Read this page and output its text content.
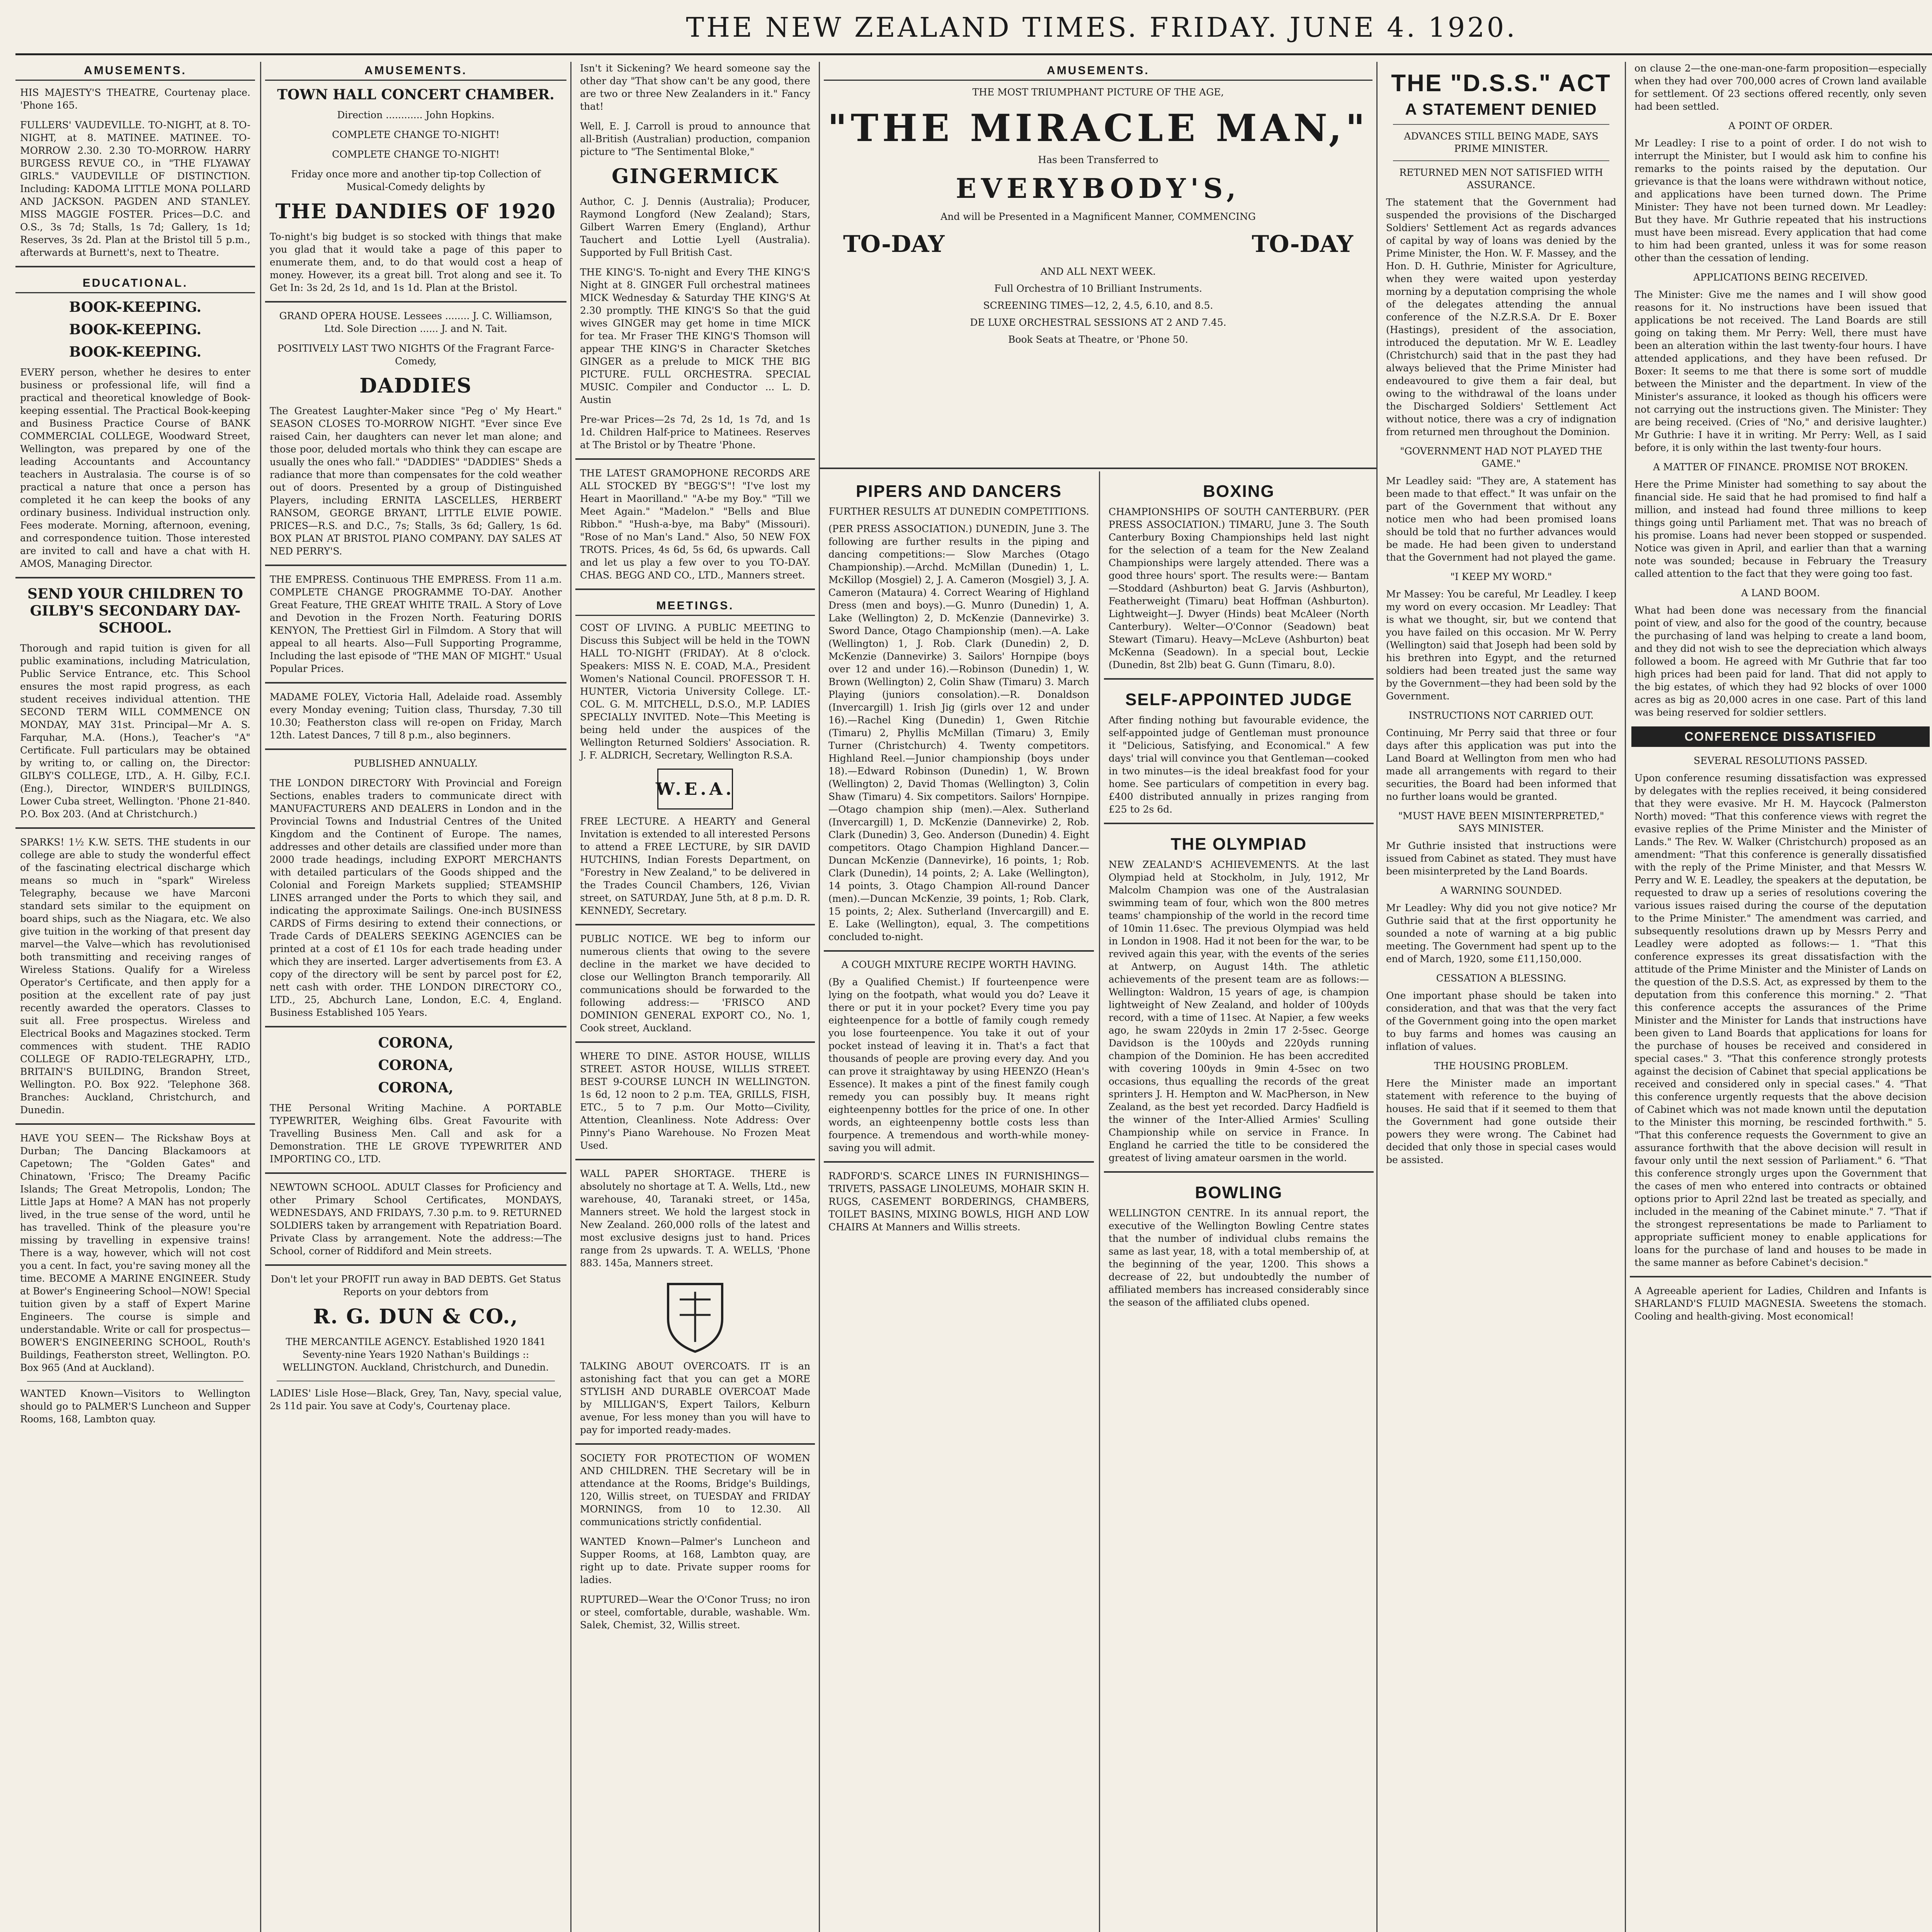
THE NEW ZEALAND TIMES. FRIDAY. JUNE 4. 1920.
AMUSEMENTS.
HIS MAJESTY'S THEATRE, Courtenay place. 'Phone 165.
FULLERS' VAUDEVILLE. TO-NIGHT, at 8. TO-NIGHT, at 8. MATINEE. MATINEE. TO-MORROW 2.30. 2.30 TO-MORROW. HARRY BURGESS REVUE CO., in "THE FLYAWAY GIRLS." VAUDEVILLE OF DISTINCTION. Including: KADOMA LITTLE MONA POLLARD AND JACKSON. PAGDEN AND STANLEY. MISS MAGGIE FOSTER. Prices—D.C. and O.S., 3s 7d; Stalls, 1s 7d; Gallery, 1s 1d; Reserves, 3s 2d. Plan at the Bristol till 5 p.m., afterwards at Burnett's, next to Theatre.
EDUCATIONAL.
BOOK-KEEPING.
BOOK-KEEPING.
BOOK-KEEPING.
EVERY person, whether he desires to enter business or professional life, will find a practical and theoretical knowledge of Book-keeping essential. The Practical Book-keeping and Business Practice Course of BANK COMMERCIAL COLLEGE, Woodward Street, Wellington, was prepared by one of the leading Accountants and Accountancy teachers in Australasia. The course is of so practical a nature that once a person has completed it he can keep the books of any ordinary business. Individual instruction only. Fees moderate. Morning, afternoon, evening, and correspondence tuition. Those interested are invited to call and have a chat with H. AMOS, Managing Director.
SEND YOUR CHILDREN TO GILBY'S SECONDARY DAY-SCHOOL.
Thorough and rapid tuition is given for all public examinations, including Matriculation, Public Service Entrance, etc. This School ensures the most rapid progress, as each student receives individual attention. THE SECOND TERM WILL COMMENCE ON MONDAY, MAY 31st. Principal—Mr A. S. Farquhar, M.A. (Hons.), Teacher's "A" Certificate. Full particulars may be obtained by writing to, or calling on, the Director: GILBY'S COLLEGE, LTD., A. H. Gilby, F.C.I. (Eng.), Director, WINDER'S BUILDINGS, Lower Cuba street, Wellington. 'Phone 21-840. P.O. Box 203. (And at Christchurch.)
SPARKS! 1½ K.W. SETS. THE students in our college are able to study the wonderful effect of the fascinating electrical discharge which means so much in "spark" Wireless Telegraphy, because we have Marconi standard sets similar to the equipment on board ships, such as the Niagara, etc. We also give tuition in the working of that present day marvel—the Valve—which has revolutionised both transmitting and receiving ranges of Wireless Stations. Qualify for a Wireless Operator's Certificate, and then apply for a position at the excellent rate of pay just recently awarded the operators. Classes to suit all. Free prospectus. Wireless and Electrical Books and Magazines stocked. Term commences with student. THE RADIO COLLEGE OF RADIO-TELEGRAPHY, LTD., BRITAIN'S BUILDING, Brandon Street, Wellington. P.O. Box 922. 'Telephone 368. Branches: Auckland, Christchurch, and Dunedin.
HAVE YOU SEEN— The Rickshaw Boys at Durban; The Dancing Blackamoors at Capetown; The "Golden Gates" and Chinatown, 'Frisco; The Dreamy Pacific Islands; The Great Metropolis, London; The Little Japs at Home? A MAN has not properly lived, in the true sense of the word, until he has travelled. Think of the pleasure you're missing by travelling in expensive trains! There is a way, however, which will not cost you a cent. In fact, you're saving money all the time. BECOME A MARINE ENGINEER. Study at Bower's Engineering School—NOW! Special tuition given by a staff of Expert Marine Engineers. The course is simple and understandable. Write or call for prospectus—BOWER'S ENGINEERING SCHOOL, Routh's Buildings, Featherston street, Wellington. P.O. Box 965 (And at Auckland).
WANTED Known—Visitors to Wellington should go to PALMER'S Luncheon and Supper Rooms, 168, Lambton quay.
AMUSEMENTS.
TOWN HALL CONCERT CHAMBER.
Direction ............ John Hopkins.
COMPLETE CHANGE TO-NIGHT!
COMPLETE CHANGE TO-NIGHT!
Friday once more and another tip-top Collection of Musical-Comedy delights by
THE DANDIES OF 1920
To-night's big budget is so stocked with things that make you glad that it would take a page of this paper to enumerate them, and, to do that would cost a heap of money. However, its a great bill. Trot along and see it. To Get In: 3s 2d, 2s 1d, and 1s 1d. Plan at the Bristol.
GRAND OPERA HOUSE. Lessees ........ J. C. Williamson, Ltd. Sole Direction ...... J. and N. Tait.
POSITIVELY LAST TWO NIGHTS Of the Fragrant Farce-Comedy,
DADDIES
The Greatest Laughter-Maker since "Peg o' My Heart." SEASON CLOSES TO-MORROW NIGHT. "Ever since Eve raised Cain, her daughters can never let man alone; and those poor, deluded mortals who think they can escape are usually the ones who fall." "DADDIES" "DADDIES" Sheds a radiance that more than compensates for the cold weather out of doors. Presented by a group of Distinguished Players, including ERNITA LASCELLES, HERBERT RANSOM, GEORGE BRYANT, LITTLE ELVIE POWIE. PRICES—R.S. and D.C., 7s; Stalls, 3s 6d; Gallery, 1s 6d. BOX PLAN AT BRISTOL PIANO COMPANY. DAY SALES AT NED PERRY'S.
THE EMPRESS. Continuous THE EMPRESS. From 11 a.m. COMPLETE CHANGE PROGRAMME TO-DAY. Another Great Feature, THE GREAT WHITE TRAIL. A Story of Love and Devotion in the Frozen North. Featuring DORIS KENYON, The Prettiest Girl in Filmdom. A Story that will appeal to all hearts. Also—Full Supporting Programme, Including the last episode of "THE MAN OF MIGHT." Usual Popular Prices.
MADAME FOLEY, Victoria Hall, Adelaide road. Assembly every Monday evening; Tuition class, Thursday, 7.30 till 10.30; Featherston class will re-open on Friday, March 12th. Latest Dances, 7 till 8 p.m., also beginners.
PUBLISHED ANNUALLY.
THE LONDON DIRECTORY With Provincial and Foreign Sections, enables traders to communicate direct with MANUFACTURERS AND DEALERS in London and in the Provincial Towns and Industrial Centres of the United Kingdom and the Continent of Europe. The names, addresses and other details are classified under more than 2000 trade headings, including EXPORT MERCHANTS with detailed particulars of the Goods shipped and the Colonial and Foreign Markets supplied; STEAMSHIP LINES arranged under the Ports to which they sail, and indicating the approximate Sailings. One-inch BUSINESS CARDS of Firms desiring to extend their connections, or Trade Cards of DEALERS SEEKING AGENCIES can be printed at a cost of £1 10s for each trade heading under which they are inserted. Larger advertisements from £3. A copy of the directory will be sent by parcel post for £2, nett cash with order. THE LONDON DIRECTORY CO., LTD., 25, Abchurch Lane, London, E.C. 4, England. Business Established 105 Years.
CORONA,
CORONA,
CORONA,
THE Personal Writing Machine. A PORTABLE TYPEWRITER, Weighing 6lbs. Great Favourite with Travelling Business Men. Call and ask for a Demonstration. THE LE GROVE TYPEWRITER AND IMPORTING CO., LTD.
NEWTOWN SCHOOL. ADULT Classes for Proficiency and other Primary School Certificates, MONDAYS, WEDNESDAYS, AND FRIDAYS, 7.30 p.m. to 9. RETURNED SOLDIERS taken by arrangement with Repatriation Board. Private Class by arrangement. Note the address:—The School, corner of Riddiford and Mein streets.
Don't let your PROFIT run away in BAD DEBTS. Get Status Reports on your debtors from
R. G. DUN & CO.,
THE MERCANTILE AGENCY. Established 1920 1841 Seventy-nine Years 1920 Nathan's Buildings :: WELLINGTON. Auckland, Christchurch, and Dunedin.
LADIES' Lisle Hose—Black, Grey, Tan, Navy, special value, 2s 11d pair. You save at Cody's, Courtenay place.
Isn't it Sickening? We heard someone say the other day "That show can't be any good, there are two or three New Zealanders in it." Fancy that!
Well, E. J. Carroll is proud to announce that all-British (Australian) production, companion picture to "The Sentimental Bloke,"
GINGERMICK
Author, C. J. Dennis (Australia); Producer, Raymond Longford (New Zealand); Stars, Gilbert Warren Emery (England), Arthur Tauchert and Lottie Lyell (Australia). Supported by Full British Cast.
THE KING'S. To-night and Every THE KING'S Night at 8. GINGER Full orchestral matinees MICK Wednesday & Saturday THE KING'S At 2.30 promptly. THE KING'S So that the guid wives GINGER may get home in time MICK for tea. Mr Fraser THE KING'S Thomson will appear THE KING'S in Character Sketches GINGER as a prelude to MICK THE BIG PICTURE. FULL ORCHESTRA. SPECIAL MUSIC. Compiler and Conductor ... L. D. Austin
Pre-war Prices—2s 7d, 2s 1d, 1s 7d, and 1s 1d. Children Half-price to Matinees. Reserves at The Bristol or by Theatre 'Phone.
THE LATEST GRAMOPHONE RECORDS ARE ALL STOCKED BY "BEGG'S"! "I've lost my Heart in Maorilland." "A-be my Boy." "Till we Meet Again." "Madelon." "Bells and Blue Ribbon." "Hush-a-bye, ma Baby" (Missouri). "Rose of no Man's Land." Also, 50 NEW FOX TROTS. Prices, 4s 6d, 5s 6d, 6s upwards. Call and let us play a few over to you TO-DAY. CHAS. BEGG AND CO., LTD., Manners street.
MEETINGS.
COST OF LIVING. A PUBLIC MEETING to Discuss this Subject will be held in the TOWN HALL TO-NIGHT (FRIDAY). At 8 o'clock. Speakers: MISS N. E. COAD, M.A., President Women's National Council. PROFESSOR T. H. HUNTER, Victoria University College. LT.-COL. G. M. MITCHELL, D.S.O., M.P. LADIES SPECIALLY INVITED. Note—This Meeting is being held under the auspices of the Wellington Returned Soldiers' Association. R. J. F. ALDRICH, Secretary, Wellington R.S.A.
W.E.A.
FREE LECTURE. A HEARTY and General Invitation is extended to all interested Persons to attend a FREE LECTURE, by SIR DAVID HUTCHINS, Indian Forests Department, on "Forestry in New Zealand," to be delivered in the Trades Council Chambers, 126, Vivian street, on SATURDAY, June 5th, at 8 p.m. D. R. KENNEDY, Secretary.
PUBLIC NOTICE. WE beg to inform our numerous clients that owing to the severe decline in the market we have decided to close our Wellington Branch temporarily. All communications should be forwarded to the following address:— 'FRISCO AND DOMINION GENERAL EXPORT CO., No. 1, Cook street, Auckland.
WHERE TO DINE. ASTOR HOUSE, WILLIS STREET. ASTOR HOUSE, WILLIS STREET. BEST 9-COURSE LUNCH IN WELLINGTON. 1s 6d, 12 noon to 2 p.m. TEA, GRILLS, FISH, ETC., 5 to 7 p.m. Our Motto—Civility, Attention, Cleanliness. Note Address: Over Pinny's Piano Warehouse. No Frozen Meat Used.
WALL PAPER SHORTAGE. THERE is absolutely no shortage at T. A. Wells, Ltd., new warehouse, 40, Taranaki street, or 145a, Manners street. We hold the largest stock in New Zealand. 260,000 rolls of the latest and most exclusive designs just to hand. Prices range from 2s upwards. T. A. WELLS, 'Phone 883. 145a, Manners street.
TALKING ABOUT OVERCOATS. IT is an astonishing fact that you can get a MORE STYLISH AND DURABLE OVERCOAT Made by MILLIGAN'S, Expert Tailors, Kelburn avenue, For less money than you will have to pay for imported ready-mades.
SOCIETY FOR PROTECTION OF WOMEN AND CHILDREN. THE Secretary will be in attendance at the Rooms, Bridge's Buildings, 120, Willis street, on TUESDAY and FRIDAY MORNINGS, from 10 to 12.30. All communications strictly confidential.
WANTED Known—Palmer's Luncheon and Supper Rooms, at 168, Lambton quay, are right up to date. Private supper rooms for ladies.
RUPTURED—Wear the O'Conor Truss; no iron or steel, comfortable, durable, washable. Wm. Salek, Chemist, 32, Willis street.
AMUSEMENTS.
THE MOST TRIUMPHANT PICTURE OF THE AGE,
"THE MIRACLE MAN,"
Has been Transferred to
EVERYBODY'S,
And will be Presented in a Magnificent Manner, COMMENCING
TO-DAY	TO-DAY
AND ALL NEXT WEEK.
Full Orchestra of 10 Brilliant Instruments.
SCREENING TIMES—12, 2, 4.5, 6.10, and 8.5.
DE LUXE ORCHESTRAL SESSIONS AT 2 AND 7.45.
Book Seats at Theatre, or 'Phone 50.
PIPERS AND DANCERS
FURTHER RESULTS AT DUNEDIN COMPETITIONS.
(PER PRESS ASSOCIATION.) DUNEDIN, June 3. The following are further results in the piping and dancing competitions:— Slow Marches (Otago Championship).—Archd. McMillan (Dunedin) 1, L. McKillop (Mosgiel) 2, J. A. Cameron (Mosgiel) 3, J. A. Cameron (Mataura) 4. Correct Wearing of Highland Dress (men and boys).—G. Munro (Dunedin) 1, A. Lake (Wellington) 2, D. McKenzie (Dannevirke) 3. Sword Dance, Otago Championship (men).—A. Lake (Wellington) 1, J. Rob. Clark (Dunedin) 2, D. McKenzie (Dannevirke) 3. Sailors' Hornpipe (boys over 12 and under 16).—Robinson (Dunedin) 1, W. Brown (Wellington) 2, Colin Shaw (Timaru) 3. March Playing (juniors consolation).—R. Donaldson (Invercargill) 1. Irish Jig (girls over 12 and under 16).—Rachel King (Dunedin) 1, Gwen Ritchie (Timaru) 2, Phyllis McMillan (Timaru) 3, Emily Turner (Christchurch) 4. Twenty competitors. Highland Reel.—Junior championship (boys under 18).—Edward Robinson (Dunedin) 1, W. Brown (Wellington) 2, David Thomas (Wellington) 3, Colin Shaw (Timaru) 4. Six competitors. Sailors' Hornpipe.—Otago champion ship (men).—Alex. Sutherland (Invercargill) 1, D. McKenzie (Dannevirke) 2, Rob. Clark (Dunedin) 3, Geo. Anderson (Dunedin) 4. Eight competitors. Otago Champion Highland Dancer.—Duncan McKenzie (Dannevirke), 16 points, 1; Rob. Clark (Dunedin), 14 points, 2; A. Lake (Wellington), 14 points, 3. Otago Champion All-round Dancer (men).—Duncan McKenzie, 39 points, 1; Rob. Clark, 15 points, 2; Alex. Sutherland (Invercargill) and E. E. Lake (Wellington), equal, 3. The competitions concluded to-night.
A COUGH MIXTURE RECIPE WORTH HAVING.
(By a Qualified Chemist.) If fourteenpence were lying on the footpath, what would you do? Leave it there or put it in your pocket? Every time you pay eighteenpence for a bottle of family cough remedy you lose fourteenpence. You take it out of your pocket instead of leaving it in. That's a fact that thousands of people are proving every day. And you can prove it straightaway by using HEENZO (Hean's Essence). It makes a pint of the finest family cough remedy you can possibly buy. It means right eighteenpenny bottles for the price of one. In other words, an eighteenpenny bottle costs less than fourpence. A tremendous and worth-while money-saving you will admit.
RADFORD'S. SCARCE LINES IN FURNISHINGS—TRIVETS, PASSAGE LINOLEUMS, MOHAIR SKIN H. RUGS, CASEMENT BORDERINGS, CHAMBERS, TOILET BASINS, MIXING BOWLS, HIGH AND LOW CHAIRS At Manners and Willis streets.
BOXING
CHAMPIONSHIPS OF SOUTH CANTERBURY. (PER PRESS ASSOCIATION.) TIMARU, June 3. The South Canterbury Boxing Championships held last night for the selection of a team for the New Zealand Championships were largely attended. There was a good three hours' sport. The results were:— Bantam—Stoddard (Ashburton) beat G. Jarvis (Ashburton), Featherweight (Timaru) beat Hoffman (Ashburton). Lightweight—J. Dwyer (Hinds) beat McAleer (North Canterbury). Welter—O'Connor (Seadown) beat Stewart (Timaru). Heavy—McLeve (Ashburton) beat McKenna (Seadown). In a special bout, Leckie (Dunedin, 8st 2lb) beat G. Gunn (Timaru, 8.0).
SELF-APPOINTED JUDGE
After finding nothing but favourable evidence, the self-appointed judge of Gentleman must pronounce it "Delicious, Satisfying, and Economical." A few days' trial will convince you that Gentleman—cooked in two minutes—is the ideal breakfast food for your home. See particulars of competition in every bag. £400 distributed annually in prizes ranging from £25 to 2s 6d.
THE OLYMPIAD
NEW ZEALAND'S ACHIEVEMENTS. At the last Olympiad held at Stockholm, in July, 1912, Mr Malcolm Champion was one of the Australasian swimming team of four, which won the 800 metres teams' championship of the world in the record time of 10min 11.6sec. The previous Olympiad was held in London in 1908. Had it not been for the war, to be revived again this year, with the events of the series at Antwerp, on August 14th. The athletic achievements of the present team are as follows:— Wellington: Waldron, 15 years of age, is champion lightweight of New Zealand, and holder of 100yds record, with a time of 11sec. At Napier, a few weeks ago, he swam 220yds in 2min 17 2-5sec. George Davidson is the 100yds and 220yds running champion of the Dominion. He has been accredited with covering 100yds in 9min 4-5sec on two occasions, thus equalling the records of the great sprinters J. H. Hempton and W. MacPherson, in New Zealand, as the best yet recorded. Darcy Hadfield is the winner of the Inter-Allied Armies' Sculling Championship while on service in France. In England he carried the title to be considered the greatest of living amateur oarsmen in the world.
BOWLING
WELLINGTON CENTRE. In its annual report, the executive of the Wellington Bowling Centre states that the number of individual clubs remains the same as last year, 18, with a total membership of, at the beginning of the year, 1200. This shows a decrease of 22, but undoubtedly the number of affiliated members has increased considerably since the season of the affiliated clubs opened.
THE "D.S.S." ACT
A STATEMENT DENIED
ADVANCES STILL BEING MADE, SAYS PRIME MINISTER.
RETURNED MEN NOT SATISFIED WITH ASSURANCE.
The statement that the Government had suspended the provisions of the Discharged Soldiers' Settlement Act as regards advances of capital by way of loans was denied by the Prime Minister, the Hon. W. F. Massey, and the Hon. D. H. Guthrie, Minister for Agriculture, when they were waited upon yesterday morning by a deputation comprising the whole of the delegates attending the annual conference of the N.Z.R.S.A. Dr E. Boxer (Hastings), president of the association, introduced the deputation. Mr W. E. Leadley (Christchurch) said that in the past they had always believed that the Prime Minister had endeavoured to give them a fair deal, but owing to the withdrawal of the loans under the Discharged Soldiers' Settlement Act without notice, there was a cry of indignation from returned men throughout the Dominion.
"GOVERNMENT HAD NOT PLAYED THE GAME."
Mr Leadley said: "They are, A statement has been made to that effect." It was unfair on the part of the Government that without any notice men who had been promised loans should be told that no further advances would be made. He had been given to understand that the Government had not played the game.
"I KEEP MY WORD."
Mr Massey: You be careful, Mr Leadley. I keep my word on every occasion. Mr Leadley: That is what we thought, sir, but we contend that you have failed on this occasion. Mr W. Perry (Wellington) said that Joseph had been sold by his brethren into Egypt, and the returned soldiers had been treated just the same way by the Government—they had been sold by the Government.
INSTRUCTIONS NOT CARRIED OUT.
Continuing, Mr Perry said that three or four days after this application was put into the Land Board at Wellington from men who had made all arrangements with regard to their securities, the Board had been informed that no further loans would be granted.
"MUST HAVE BEEN MISINTERPRETED," SAYS MINISTER.
Mr Guthrie insisted that instructions were issued from Cabinet as stated. They must have been misinterpreted by the Land Boards.
A WARNING SOUNDED.
Mr Leadley: Why did you not give notice? Mr Guthrie said that at the first opportunity he sounded a note of warning at a big public meeting. The Government had spent up to the end of March, 1920, some £11,150,000.
CESSATION A BLESSING.
One important phase should be taken into consideration, and that was that the very fact of the Government going into the open market to buy farms and homes was causing an inflation of values.
THE HOUSING PROBLEM.
Here the Minister made an important statement with reference to the buying of houses. He said that if it seemed to them that the Government had gone outside their powers they were wrong. The Cabinet had decided that only those in special cases would be assisted.
on clause 2—the one-man-one-farm proposition—especially when they had over 700,000 acres of Crown land available for settlement. Of 23 sections offered recently, only seven had been settled.
A POINT OF ORDER.
Mr Leadley: I rise to a point of order. I do not wish to interrupt the Minister, but I would ask him to confine his remarks to the points raised by the deputation. Our grievance is that the loans were withdrawn without notice, and applications have been turned down. The Prime Minister: They have not been turned down. Mr Leadley: But they have. Mr Guthrie repeated that his instructions must have been misread. Every application that had come to him had been granted, unless it was for some reason other than the cessation of lending.
APPLICATIONS BEING RECEIVED.
The Minister: Give me the names and I will show good reasons for it. No instructions have been issued that applications be not received. The Land Boards are still going on taking them. Mr Perry: Well, there must have been an alteration within the last twenty-four hours. I have attended applications, and they have been refused. Dr Boxer: It seems to me that there is some sort of muddle between the Minister and the department. In view of the Minister's assurance, it looked as though his officers were not carrying out the instructions given. The Minister: They are being received. (Cries of "No," and derisive laughter.) Mr Guthrie: I have it in writing. Mr Perry: Well, as I said before, it is only within the last twenty-four hours.
A MATTER OF FINANCE. PROMISE NOT BROKEN.
Here the Prime Minister had something to say about the financial side. He said that he had promised to find half a million, and instead had found three millions to keep things going until Parliament met. That was no breach of his promise. Loans had never been stopped or suspended. Notice was given in April, and earlier than that a warning note was sounded; because in February the Treasury called attention to the fact that they were going too fast.
A LAND BOOM.
What had been done was necessary from the financial point of view, and also for the good of the country, because the purchasing of land was helping to create a land boom, and they did not wish to see the depreciation which always followed a boom. He agreed with Mr Guthrie that far too high prices had been paid for land. That did not apply to the big estates, of which they had 92 blocks of over 1000 acres as big as 20,000 acres in one case. Part of this land was being reserved for soldier settlers.
CONFERENCE DISSATISFIED
SEVERAL RESOLUTIONS PASSED.
Upon conference resuming dissatisfaction was expressed by delegates with the replies received, it being considered that they were evasive. Mr H. M. Haycock (Palmerston North) moved: "That this conference views with regret the evasive replies of the Prime Minister and the Minister of Lands." The Rev. W. Walker (Christchurch) proposed as an amendment: "That this conference is generally dissatisfied with the reply of the Prime Minister, and that Messrs W. Perry and W. E. Leadley, the speakers at the deputation, be requested to draw up a series of resolutions covering the various issues raised during the course of the deputation to the Prime Minister." The amendment was carried, and subsequently resolutions drawn up by Messrs Perry and Leadley were adopted as follows:— 1. "That this conference expresses its great dissatisfaction with the attitude of the Prime Minister and the Minister of Lands on the question of the D.S.S. Act, as expressed by them to the deputation from this conference this morning." 2. "That this conference accepts the assurances of the Prime Minister and the Minister for Lands that instructions have been given to Land Boards that applications for loans for the purchase of houses be received and considered in special cases." 3. "That this conference strongly protests against the decision of Cabinet that special applications be received and considered only in special cases." 4. "That this conference urgently requests that the above decision of Cabinet which was not made known until the deputation to the Minister this morning, be rescinded forthwith." 5. "That this conference requests the Government to give an assurance forthwith that the above decision will result in favour only until the next session of Parliament." 6. "That this conference strongly urges upon the Government that the cases of men who entered into contracts or obtained options prior to April 22nd last be treated as specially, and included in the meaning of the Cabinet minute." 7. "That if the strongest representations be made to Parliament to appropriate sufficient money to enable applications for loans for the purchase of land and houses to be made in the same manner as before Cabinet's decision."
A Agreeable aperient for Ladies, Children and Infants is SHARLAND'S FLUID MAGNESIA. Sweetens the stomach. Cooling and health-giving. Most economical!
